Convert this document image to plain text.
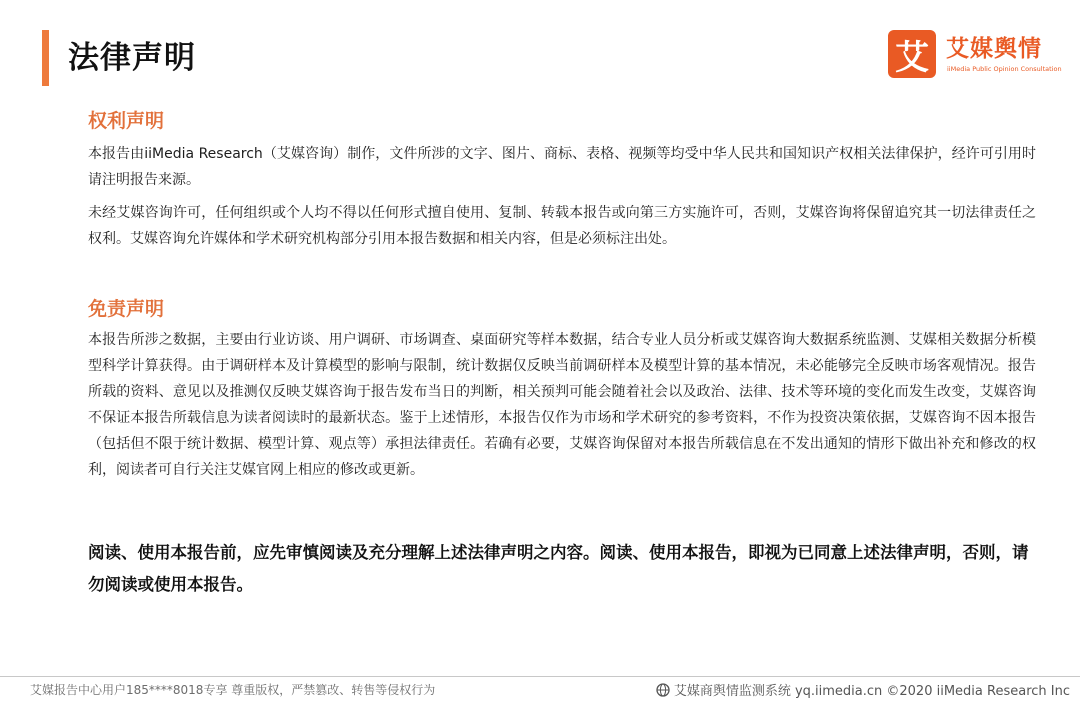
法律声明	艾 艾媒舆情
iiMedia Public Opinion Consultation
权利声明
本报告由iiMedia Research（艾媒咨询）制作，文件所涉的文字、图片、商标、表格、视频等均受中华人民共和国知识产权相关法律保护，经许可引用时请注明报告来源。
未经艾媒咨询许可，任何组织或个人均不得以任何形式擅自使用、复制、转载本报告或向第三方实施许可，否则，艾媒咨询将保留追究其一切法律责任之权利。艾媒咨询允许媒体和学术研究机构部分引用本报告数据和相关内容，但是必须标注出处。
免责声明
本报告所涉之数据，主要由行业访谈、用户调研、市场调查、桌面研究等样本数据，结合专业人员分析或艾媒咨询大数据系统监测、艾媒相关数据分析模型科学计算获得。由于调研样本及计算模型的影响与限制，统计数据仅反映当前调研样本及模型计算的基本情况，未必能够完全反映市场客观情况。报告所载的资料、意见以及推测仅反映艾媒咨询于报告发布当日的判断，相关预判可能会随着社会以及政治、法律、技术等环境的变化而发生改变，艾媒咨询不保证本报告所载信息为读者阅读时的最新状态。鉴于上述情形，本报告仅作为市场和学术研究的参考资料，不作为投资决策依据，艾媒咨询不因本报告（包括但不限于统计数据、模型计算、观点等）承担法律责任。若确有必要，艾媒咨询保留对本报告所载信息在不发出通知的情形下做出补充和修改的权利，阅读者可自行关注艾媒官网上相应的修改或更新。
阅读、使用本报告前，应先审慎阅读及充分理解上述法律声明之内容。阅读、使用本报告，即视为已同意上述法律声明，否则，请勿阅读或使用本报告。
艾媒报告中心用户185****8018专享 尊重版权，严禁篡改、转售等侵权行为	艾媒商舆情监测系统 yq.iimedia.cn ©2020 iiMedia Research Inc
